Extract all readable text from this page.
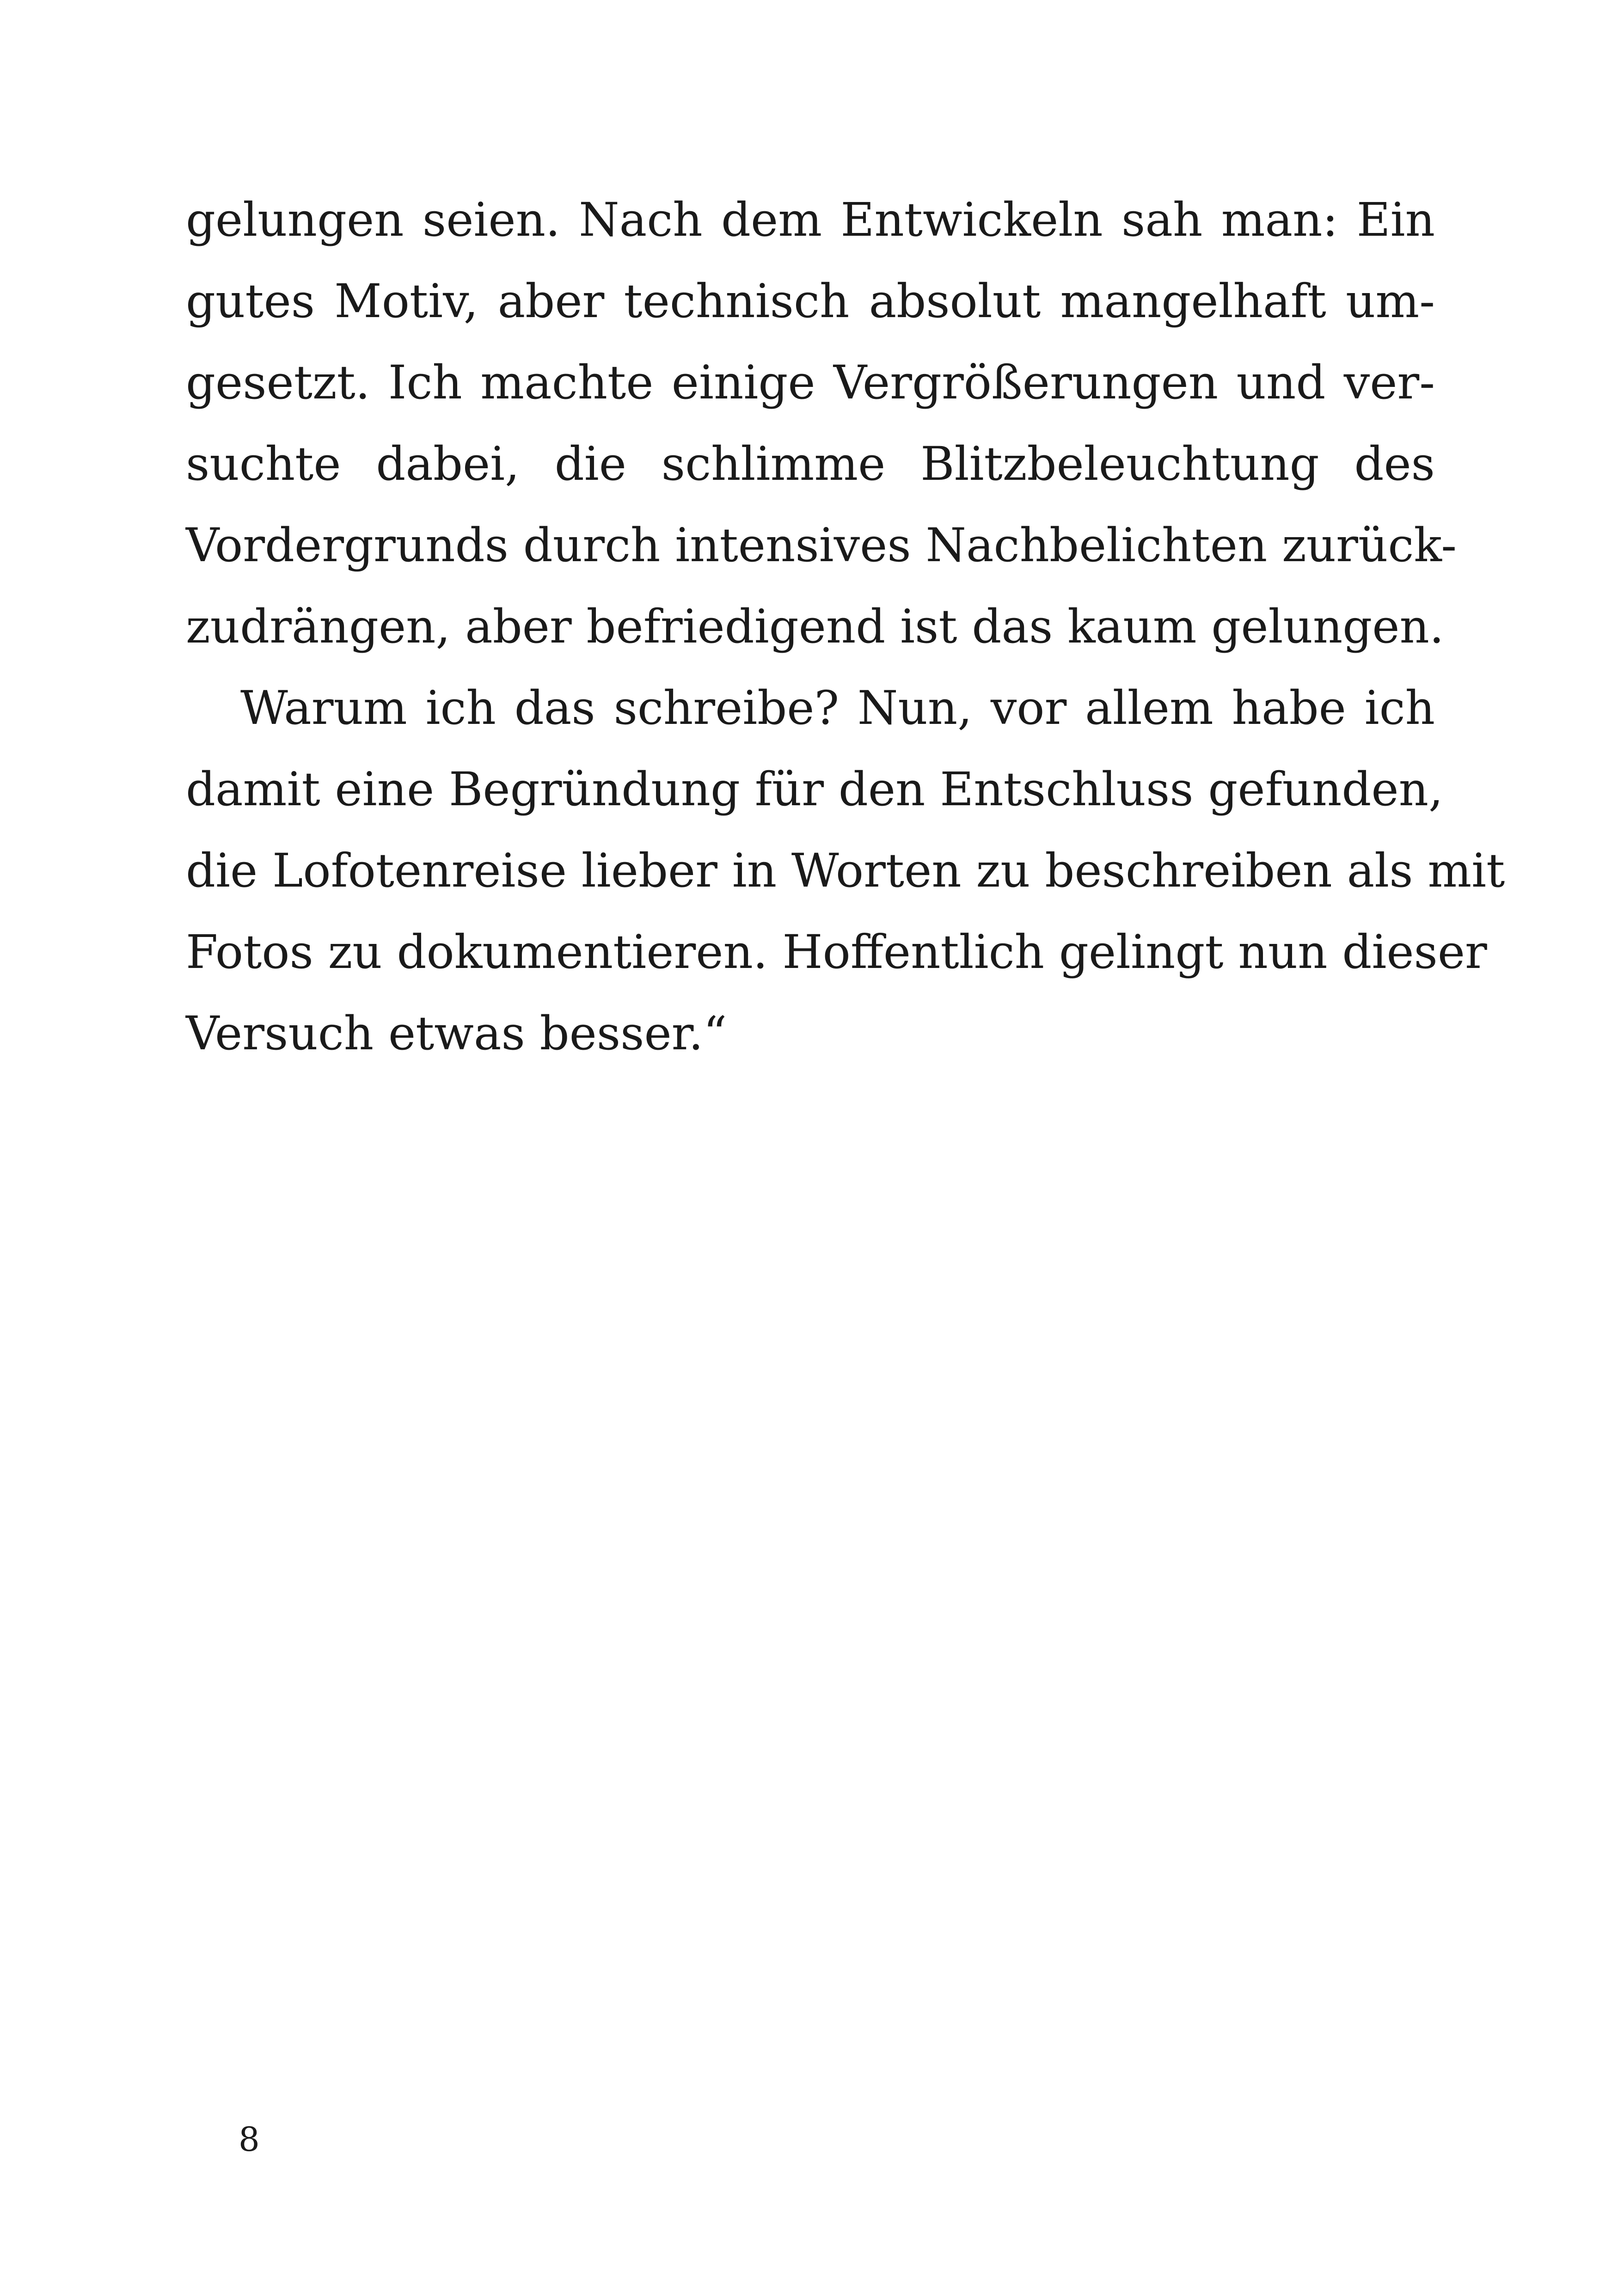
gelungen seien. Nach dem Entwickeln sah man: Ein
gutes Motiv, aber technisch absolut mangelhaft um-
gesetzt. Ich machte einige Vergrößerungen und ver-
suchte dabei, die schlimme Blitzbeleuchtung des
Vordergrunds durch intensives Nachbelichten zurück-
zudrängen, aber befriedigend ist das kaum gelungen.
Warum ich das schreibe? Nun, vor allem habe ich
damit eine Begründung für den Entschluss gefunden,
die Lofotenreise lieber in Worten zu beschreiben als mit
Fotos zu dokumentieren. Hoffentlich gelingt nun dieser
Versuch etwas besser.“
8
